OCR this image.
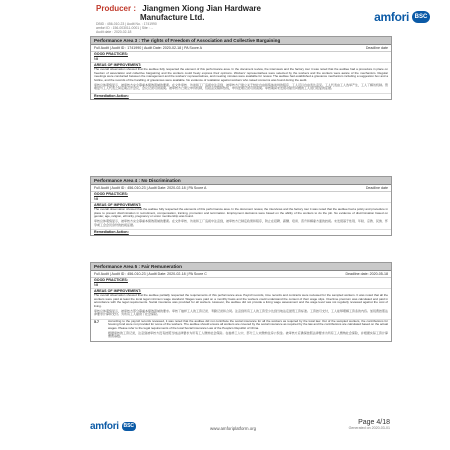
Producer : Jiangmen Xiong Jian Hardware
Manufacture Ltd.
DBID : 456-010-23 | Audit No. : 1741990
amfori ID : 156-003011-0001 | Site : ...
Audit date : 2020-02-18
amfori BSC
Performance Area 3 : The rights of Freedom of Association and Collective Bargaining
Full Audit | Audit ID : 1741990 | Audit Date: 2020-02-18 | PA Score A	Deadline date
GOOD PRACTICES:
Nil
AREAS OF IMPROVEMENT:

The overall observation showed that the auditee fully respected the element of this performance area. In the document review, the interviews and the factory tour it was noted that the auditee had a procedure in place on freedom of association and collective bargaining and the workers could freely express their opinions. Workers' representatives were selected by the workers and the workers were aware of the mechanism. Regular meetings were conducted between the management and the workers' representatives, and meeting minutes were available for review. The auditee had established a grievance mechanism including a suggestion box and a hotline, and the records of the handling of grievances were available. No evidence of retaliation against workers who raised concerns was found during the audit.

审核总体观察显示，被审核方完全尊重本绩效领域的要素。在文件审核、访谈和工厂巡视中注意到，被审核方已建立关于结社自由和集体谈判的程序，工人可以自由表达意见。工人代表由工人选举产生，工人了解该机制。管理层与工人代表之间定期召开会议，会议记录可供查阅。被审核方已建立申诉机制，包括意见箱和热线，申诉处理记录可供查阅。审核期间未发现对提出问题的工人进行报复的证据。

Remediation Action:
Performance Area 4 : No Discrimination
Full Audit | Audit ID : 456-010-23 | Audit Date: 2020-02-18 | PA Score A	Deadline date
GOOD PRACTICES:
Nil
AREAS OF IMPROVEMENT:

The overall observation showed that the auditee fully respected the elements of this performance area. In the document review, the interviews and the factory tour it was noted that the auditee had a policy and procedure in place to prevent discrimination in recruitment, compensation, training, promotion and termination. Employment decisions were based on the ability of the workers to do the job. No evidence of discrimination based on gender, age, religion, ethnicity, pregnancy or union membership was found.

审核总体观察显示，被审核方完全尊重本绩效领域的要素。在文件审核、访谈和工厂巡视中注意到，被审核方已制定政策和程序，防止在招聘、薪酬、培训、晋升和解雇方面的歧视。未发现基于性别、年龄、宗教、民族、怀孕或工会会员身份的歧视证据。

Remediation Action:
Performance Area 5 : Fair Remuneration
Full Audit | Audit ID : 456-010-23 | Audit Date: 2020-02-18 | PA Score C	Deadline date: 2020-05-18
GOOD PRACTICES:
Nil
AREAS OF IMPROVEMENT:

The overall observation showed that the auditee partially respected the requirements of this performance area. Payroll records, time records and contracts were reviewed for the sampled workers. It was noted that all the workers were paid at least the local legal minimum wage standard. Wages were paid on a monthly basis and the workers could understand the content of their wage slips. Overtime premium was calculated and paid in accordance with the legal requirements. Social insurance was provided for all workers. However, the auditee did not provide a living wage assessment and the wage level was not regularly reviewed against the cost of living.

审核总体观察显示，被审核方部分尊重本绩效领域的要求。审核了抽样工人的工资记录、考勤记录和合同。注意到所有工人的工资至少达到当地法定最低工资标准。工资按月支付，工人能够理解工资条的内容。加班费按照法律要求计算和支付。为所有工人提供了社会保险。

5.7	According to the payroll records reviewed, it was noted that the auditee did not contribute the social insurance for all the workers as required by the local law. Out of the sampled workers, the contributions for housing fund were not provided for some of the workers. The auditee should ensure all workers are covered by the social insurance as required by the law and the contributions are calculated based on the actual wages. Please refer to the legal requirements of the local Social Insurance Law of the People's Republic of China.

根据审核的工资记录，注意到被审核方没有按照当地法律要求为所有工人缴纳社会保险。在抽样工人中，部分工人未缴纳住房公积金。被审核方应确保按照法律要求为所有工人缴纳社会保险，并根据实际工资计算缴费基数。

amfori BSC	www.amforiplatform.org
Page 4/18
Generated on 2020-03-01
